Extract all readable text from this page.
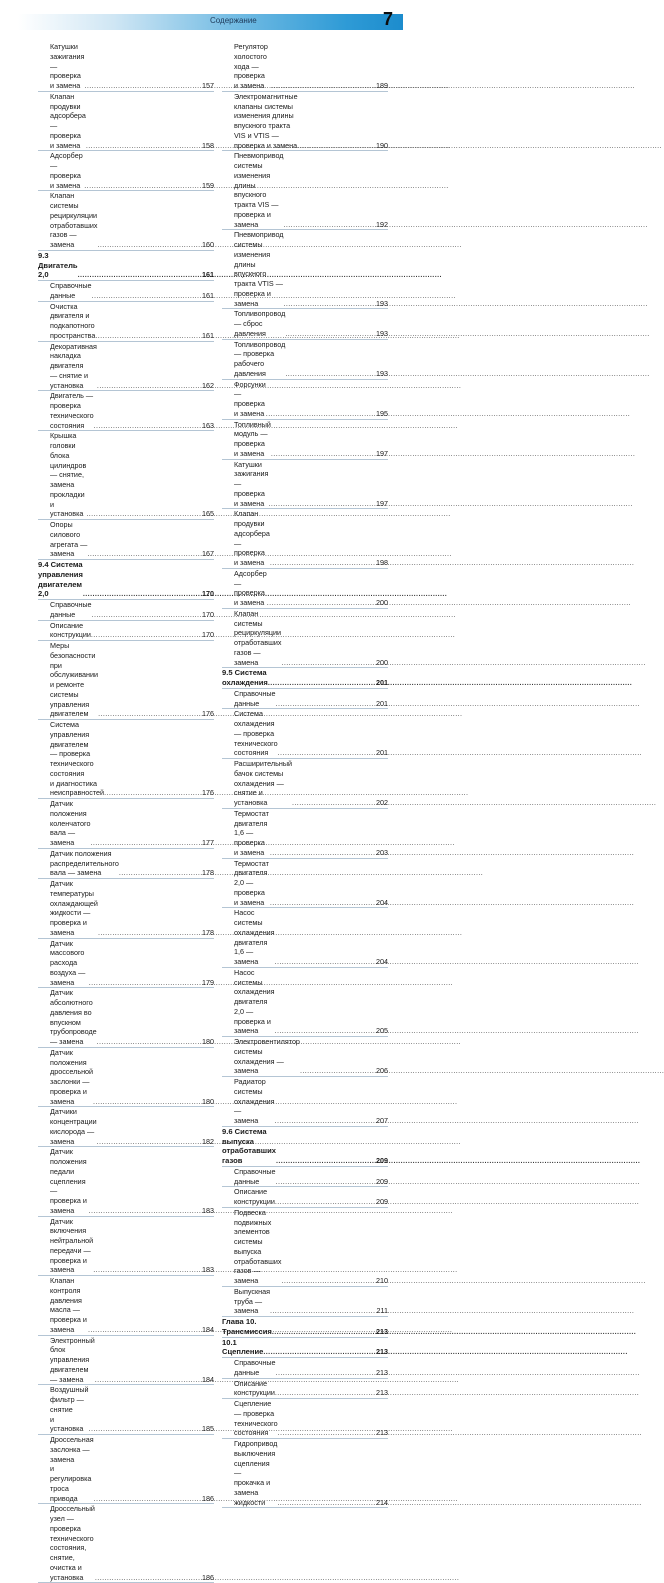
Содержание	7
Катушки зажигания — проверка
и замена .....	157
Клапан продувки адсорбера —
проверка и замена .....	158
Адсорбер — проверка и замена .....	159
Клапан системы рециркуляции
отработавших газов — замена .....	160
9.3 Двигатель 2,0 .....	161
Справочные данные .....	161
Очистка двигателя и подкапотного
пространства .....	161
Декоративная накладка двигателя
— снятие и установка .....	162
Двигатель — проверка технического
состояния .....	163
Крышка головки блока цилиндров
— снятие, замена прокладки
и установка .....	165
Опоры силового агрегата — замена .....	167
9.4 Система управления
двигателем 2,0 .....	170
Справочные данные .....	170
Описание конструкции .....	170
Меры безопасности при обслуживании
и ремонте системы управления
двигателем .....	176
Система управления двигателем
— проверка технического состояния
и диагностика неисправностей .....	176
Датчик положения коленчатого вала —
замена .....	177
Датчик положения распределительного
вала — замена .....	178
Датчик температуры охлаждающей
жидкости — проверка и замена .....	178
Датчик массового расхода воздуха —
замена .....	179
Датчик абсолютного давления во
впускном трубопроводе — замена .....	180
Датчик положения дроссельной
заслонки — проверка и замена .....	180
Датчики концентрации кислорода —
замена .....	182
Датчик положения педали сцепления
— проверка и замена .....	183
Датчик включения нейтральной
передачи — проверка и замена .....	183
Клапан контроля давления масла —
проверка и замена .....	184
Электронный блок управления
двигателем — замена .....	184
Воздушный фильтр — снятие
и установка .....	185
Дроссельная заслонка — замена
и регулировка троса привода .....	186
Дроссельный узел — проверка
технического состояния, снятие,
очистка и установка .....	186
Регулятор холостого хода — проверка
и замена .....	189
Электромагнитные клапаны системы
изменения длины впускного тракта
VIS и VTIS — проверка и замена .....	190
Пневмопривод системы изменения
длины впускного тракта VIS —
проверка и замена .....	192
Пневмопривод системы изменения
длины впускного тракта VTIS —
проверка и замена .....	193
Топливопровод — сброс давления .....	193
Топливопровод — проверка рабочего
давления .....	193
Форсунки — проверка и замена .....	195
Топливный модуль — проверка
и замена .....	197
Катушки зажигания — проверка
и замена .....	197
Клапан продувки адсорбера —
проверка и замена .....	198
Адсорбер — проверка и замена .....	200
Клапан системы рециркуляции
отработавших газов — замена .....	200
9.5 Система охлаждения .....	201
Справочные данные .....	201
Система охлаждения — проверка
технического состояния .....	201
Расширительный бачок системы
охлаждения — снятие и установка .....	202
Термостат двигателя 1,6 — проверка
и замена .....	203
Термостат двигателя 2,0 — проверка
и замена .....	204
Насос системы охлаждения двигателя
1,6 — замена .....	204
Насос системы охлаждения двигателя
2,0 — проверка и замена .....	205
Электровентилятор системы
охлаждения — замена .....	206
Радиатор системы охлаждения —
замена .....	207
9.6 Система выпуска отработавших
газов .....	209
Справочные данные .....	209
Описание конструкции .....	209
Подвеска подвижных элементов системы
выпуска отработавших газов —
замена .....	210
Выпускная труба — замена .....	211
Глава 10. Трансмиссия .....	213
10.1 Сцепление .....	213
Справочные данные .....	213
Описание конструкции .....	213
Сцепление — проверка технического
состояния .....	213
Гидропривод выключения сцепления —
прокачка и замена жидкости .....	214
